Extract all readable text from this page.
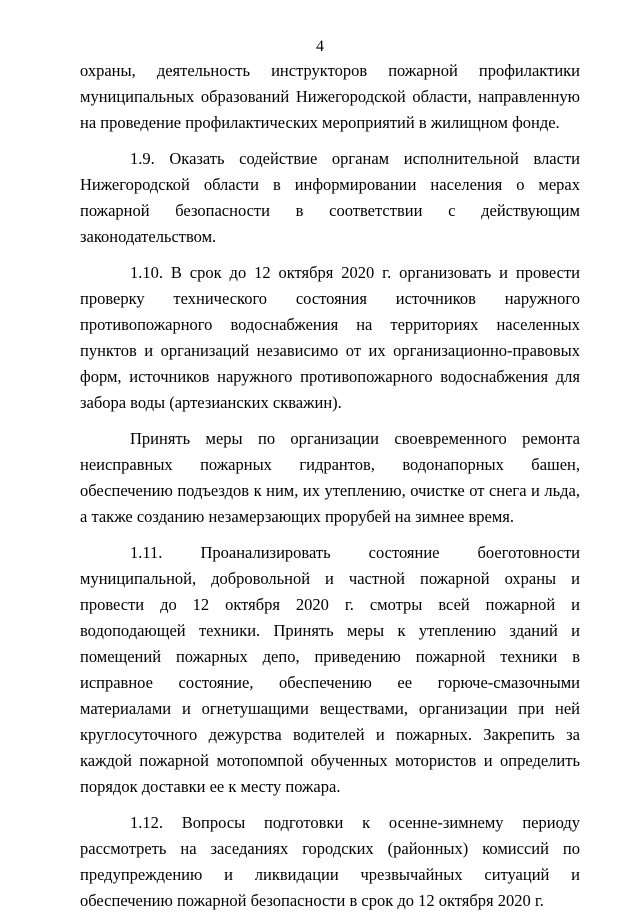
4

охраны, деятельность инструкторов пожарной профилактики муниципальных образований Нижегородской области, направленную на проведение профилактических мероприятий в жилищном фонде.

1.9. Оказать содействие органам исполнительной власти Нижегородской области в информировании населения о мерах пожарной безопасности в соответствии с действующим законодательством.

1.10. В срок до 12 октября 2020 г. организовать и провести проверку технического состояния источников наружного противопожарного водоснабжения на территориях населенных пунктов и организаций независимо от их организационно-правовых форм, источников наружного противопожарного водоснабжения для забора воды (артезианских скважин).

Принять меры по организации своевременного ремонта неисправных пожарных гидрантов, водонапорных башен, обеспечению подъездов к ним, их утеплению, очистке от снега и льда, а также созданию незамерзающих прорубей на зимнее время.

1.11. Проанализировать состояние боеготовности муниципальной, добровольной и частной пожарной охраны и провести до 12 октября 2020 г. смотры всей пожарной и водоподающей техники. Принять меры к утеплению зданий и помещений пожарных депо, приведению пожарной техники в исправное состояние, обеспечению ее горюче-смазочными материалами и огнетушащими веществами, организации при ней круглосуточного дежурства водителей и пожарных. Закрепить за каждой пожарной мотопомпой обученных мотористов и определить порядок доставки ее к месту пожара.

1.12. Вопросы подготовки к осенне-зимнему периоду рассмотреть на заседаниях городских (районных) комиссий по предупреждению и ликвидации чрезвычайных ситуаций и обеспечению пожарной безопасности в срок до 12 октября 2020 г.
